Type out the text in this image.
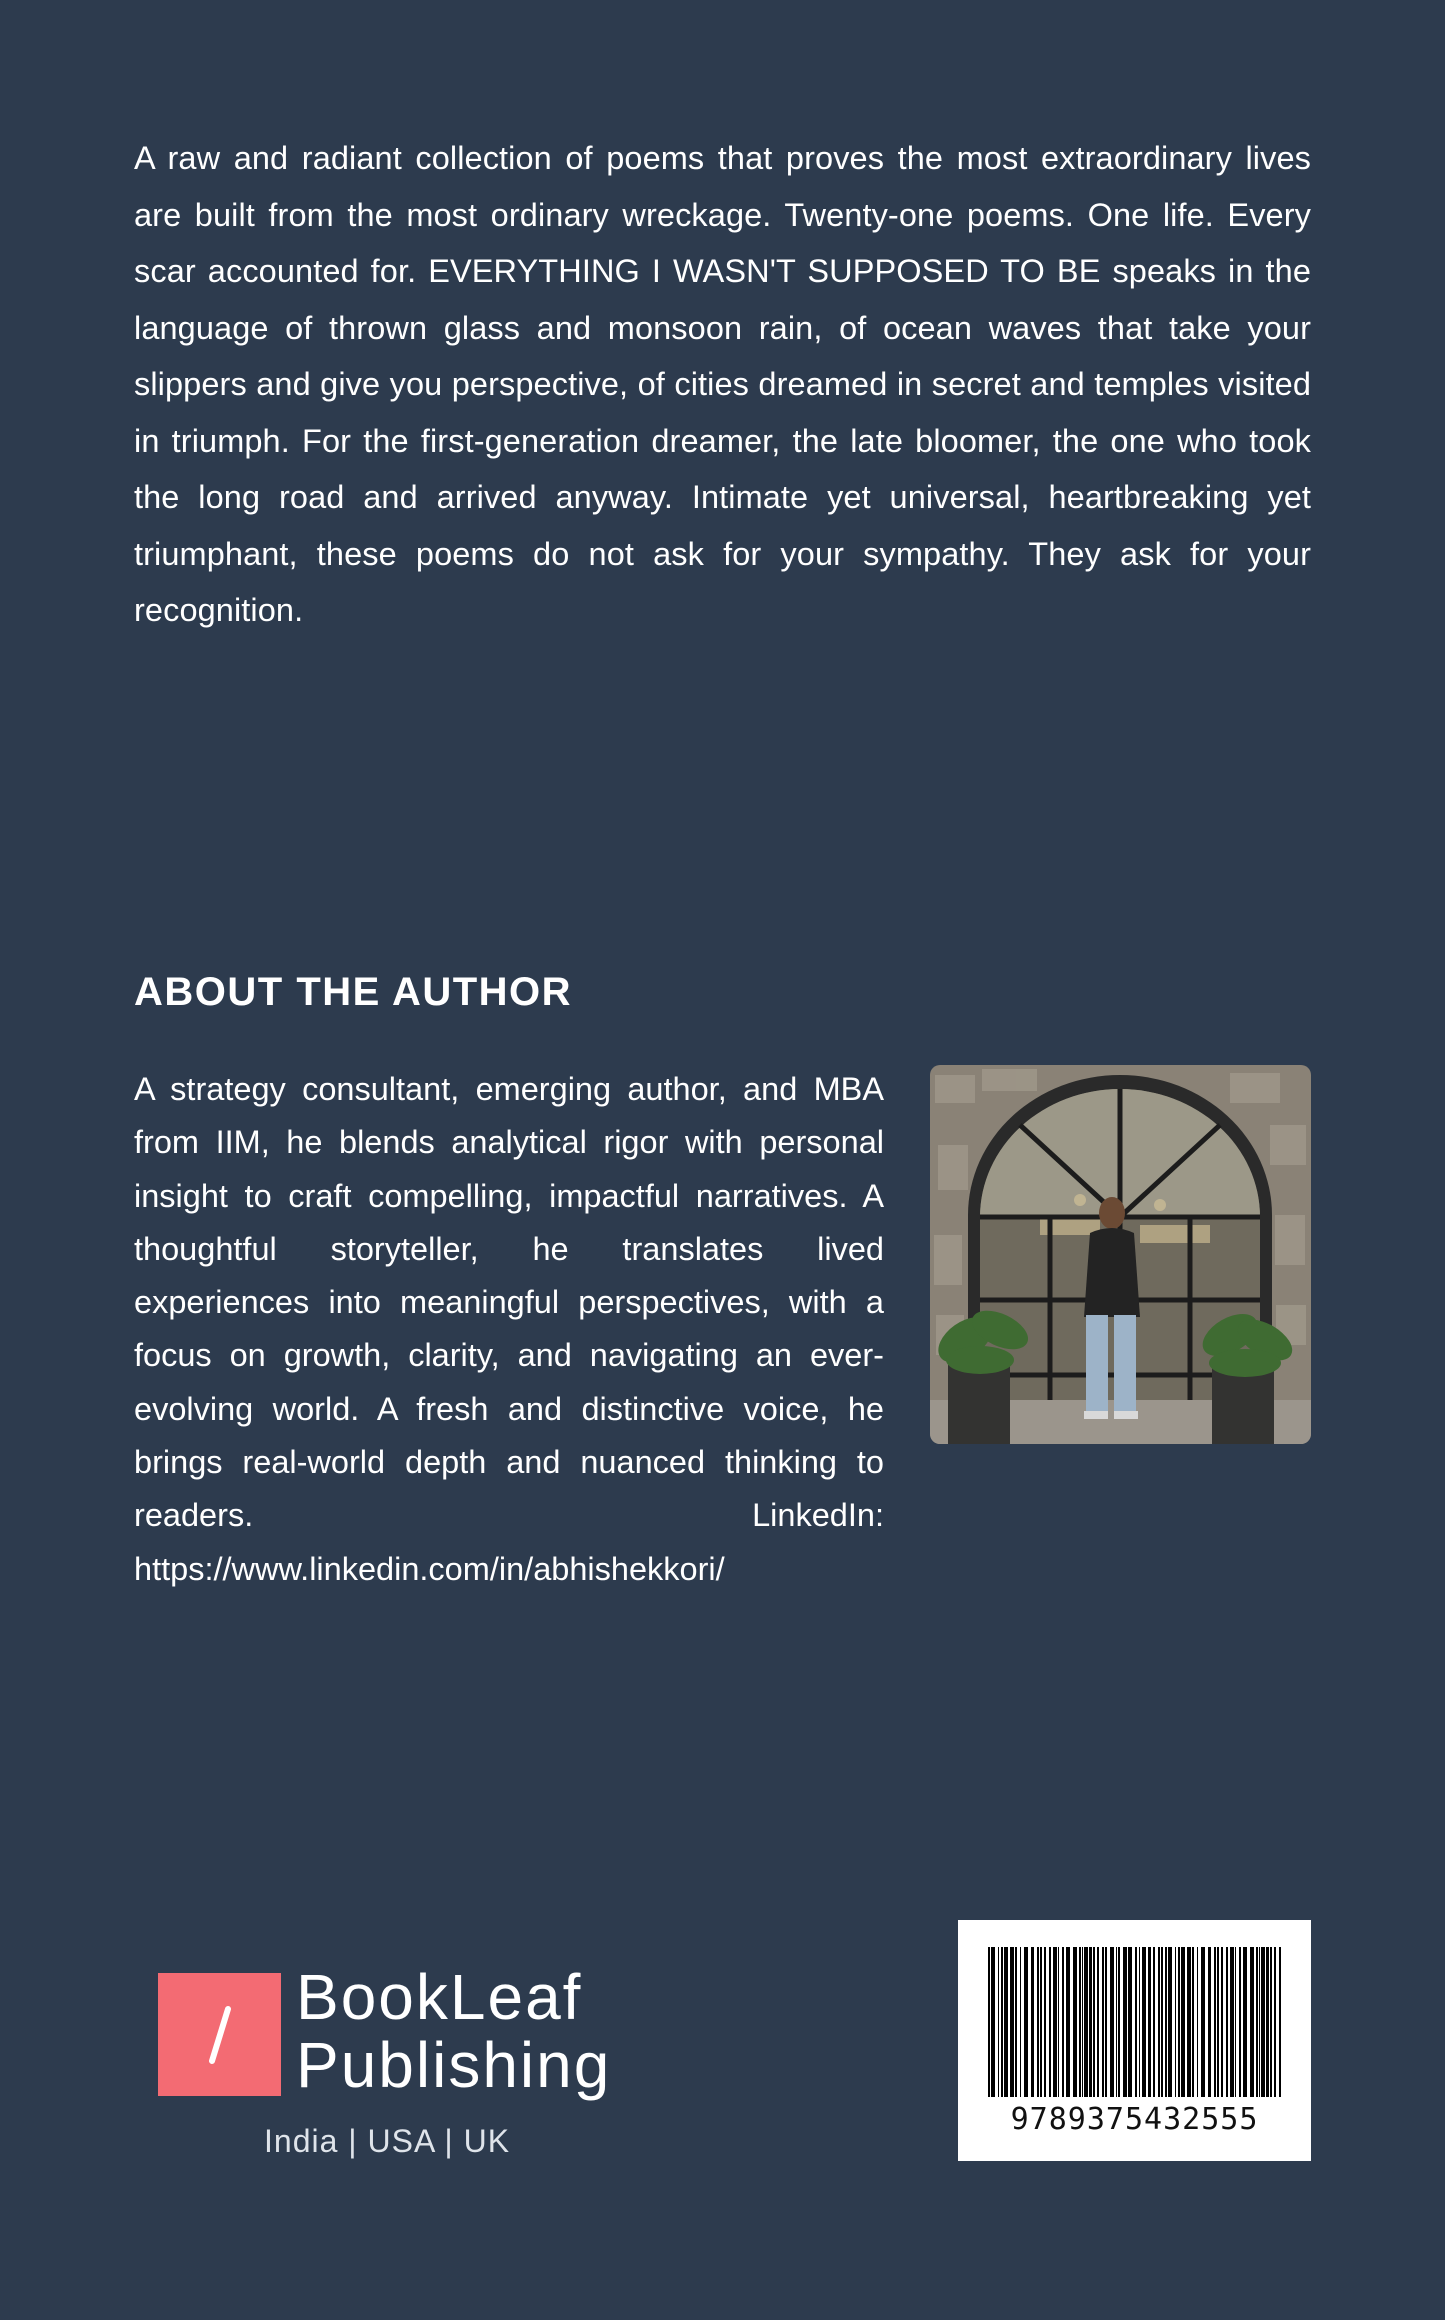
A raw and radiant collection of poems that proves the most extraordinary lives are built from the most ordinary wreckage. Twenty-one poems. One life. Every scar accounted for. EVERYTHING I WASN'T SUPPOSED TO BE speaks in the language of thrown glass and monsoon rain, of ocean waves that take your slippers and give you perspective, of cities dreamed in secret and temples visited in triumph. For the first-generation dreamer, the late bloomer, the one who took the long road and arrived anyway. Intimate yet universal, heartbreaking yet triumphant, these poems do not ask for your sympathy. They ask for your recognition.

ABOUT THE AUTHOR

A strategy consultant, emerging author, and MBA from IIM, he blends analytical rigor with personal insight to craft compelling, impactful narratives. A thoughtful storyteller, he translates lived experiences into meaningful perspectives, with a focus on growth, clarity, and navigating an ever-evolving world. A fresh and distinctive voice, he brings real-world depth and nuanced thinking to readers. LinkedIn: https://www.linkedin.com/in/abhishekkori/

BookLeaf
Publishing
India | USA | UK
9789375432555
